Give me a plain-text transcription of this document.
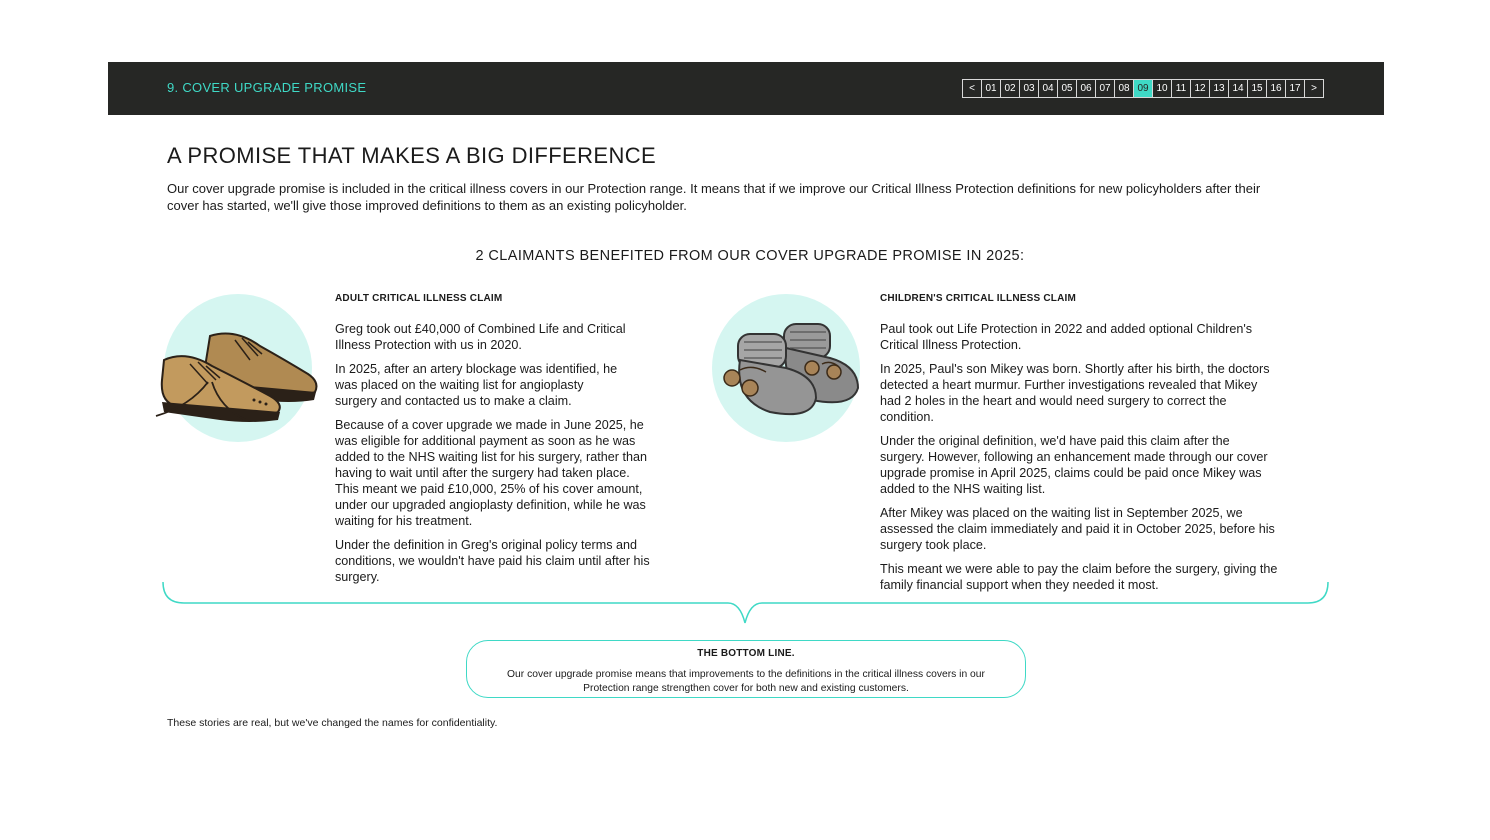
9. COVER UPGRADE PROMISE	<	01 02 03 04 05 06 07 08 09 10 11 12 13 14 15 16 17	>
A PROMISE THAT MAKES A BIG DIFFERENCE
Our cover upgrade promise is included in the critical illness covers in our Protection range. It means that if we improve our Critical Illness Protection definitions for new policyholders after their cover has started, we'll give those improved definitions to them as an existing policyholder.
2 CLAIMANTS BENEFITED FROM OUR COVER UPGRADE PROMISE IN 2025:
ADULT CRITICAL ILLNESS CLAIM

Greg took out £40,000 of Combined Life and Critical Illness Protection with us in 2020.

In 2025, after an artery blockage was identified, he was placed on the waiting list for angioplasty surgery and contacted us to make a claim.

Because of a cover upgrade we made in June 2025, he was eligible for additional payment as soon as he was added to the NHS waiting list for his surgery, rather than having to wait until after the surgery had taken place. This meant we paid £10,000, 25% of his cover amount, under our upgraded angioplasty definition, while he was waiting for his treatment.

Under the definition in Greg's original policy terms and conditions, we wouldn't have paid his claim until after his surgery.

CHILDREN'S CRITICAL ILLNESS CLAIM

Paul took out Life Protection in 2022 and added optional Children's Critical Illness Protection.

In 2025, Paul's son Mikey was born. Shortly after his birth, the doctors detected a heart murmur. Further investigations revealed that Mikey had 2 holes in the heart and would need surgery to correct the condition.

Under the original definition, we'd have paid this claim after the surgery. However, following an enhancement made through our cover upgrade promise in April 2025, claims could be paid once Mikey was added to the NHS waiting list.

After Mikey was placed on the waiting list in September 2025, we assessed the claim immediately and paid it in October 2025, before his surgery took place.

This meant we were able to pay the claim before the surgery, giving the family financial support when they needed it most.

THE BOTTOM LINE.
Our cover upgrade promise means that improvements to the definitions in the critical illness covers in our Protection range strengthen cover for both new and existing customers.
These stories are real, but we've changed the names for confidentiality.
